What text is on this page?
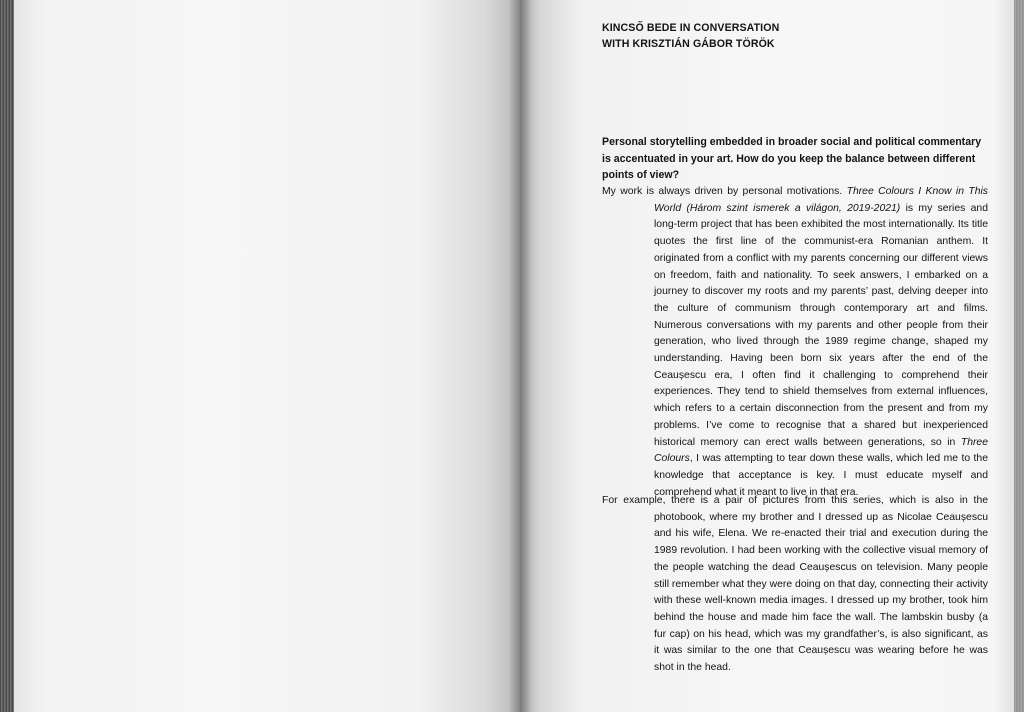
KINCSŐ BEDE IN CONVERSATION
WITH KRISZTIÁN GÁBOR TÖRÖK

Personal storytelling embedded in broader social and political commentary is accentuated in your art. How do you keep the balance between different points of view?

My work is always driven by personal motivations. Three Colours I Know in This World (Három szint ismerek a világon, 2019-2021) is my series and long-term project that has been exhibited the most internationally. Its title quotes the first line of the communist-era Romanian anthem. It originated from a conflict with my parents concerning our different views on freedom, faith and nationality. To seek answers, I embarked on a journey to discover my roots and my parents’ past, delving deeper into the culture of communism through contemporary art and films. Numerous conversations with my parents and other people from their generation, who lived through the 1989 regime change, shaped my understanding. Having been born six years after the end of the Ceaușescu era, I often find it challenging to comprehend their experiences. They tend to shield themselves from external influences, which refers to a certain disconnection from the present and from my problems. I’ve come to recognise that a shared but inexperienced historical memory can erect walls between generations, so in Three Colours, I was attempting to tear down these walls, which led me to the knowledge that acceptance is key. I must educate myself and comprehend what it meant to live in that era.

For example, there is a pair of pictures from this series, which is also in the photobook, where my brother and I dressed up as Nicolae Ceaușescu and his wife, Elena. We re-enacted their trial and execution during the 1989 revolution. I had been working with the collective visual memory of the people watching the dead Ceaușescus on television. Many people still remember what they were doing on that day, connecting their activity with these well-known media images. I dressed up my brother, took him behind the house and made him face the wall. The lambskin busby (a fur cap) on his head, which was my grandfather’s, is also significant, as it was similar to the one that Ceaușescu was wearing before he was shot in the head.
